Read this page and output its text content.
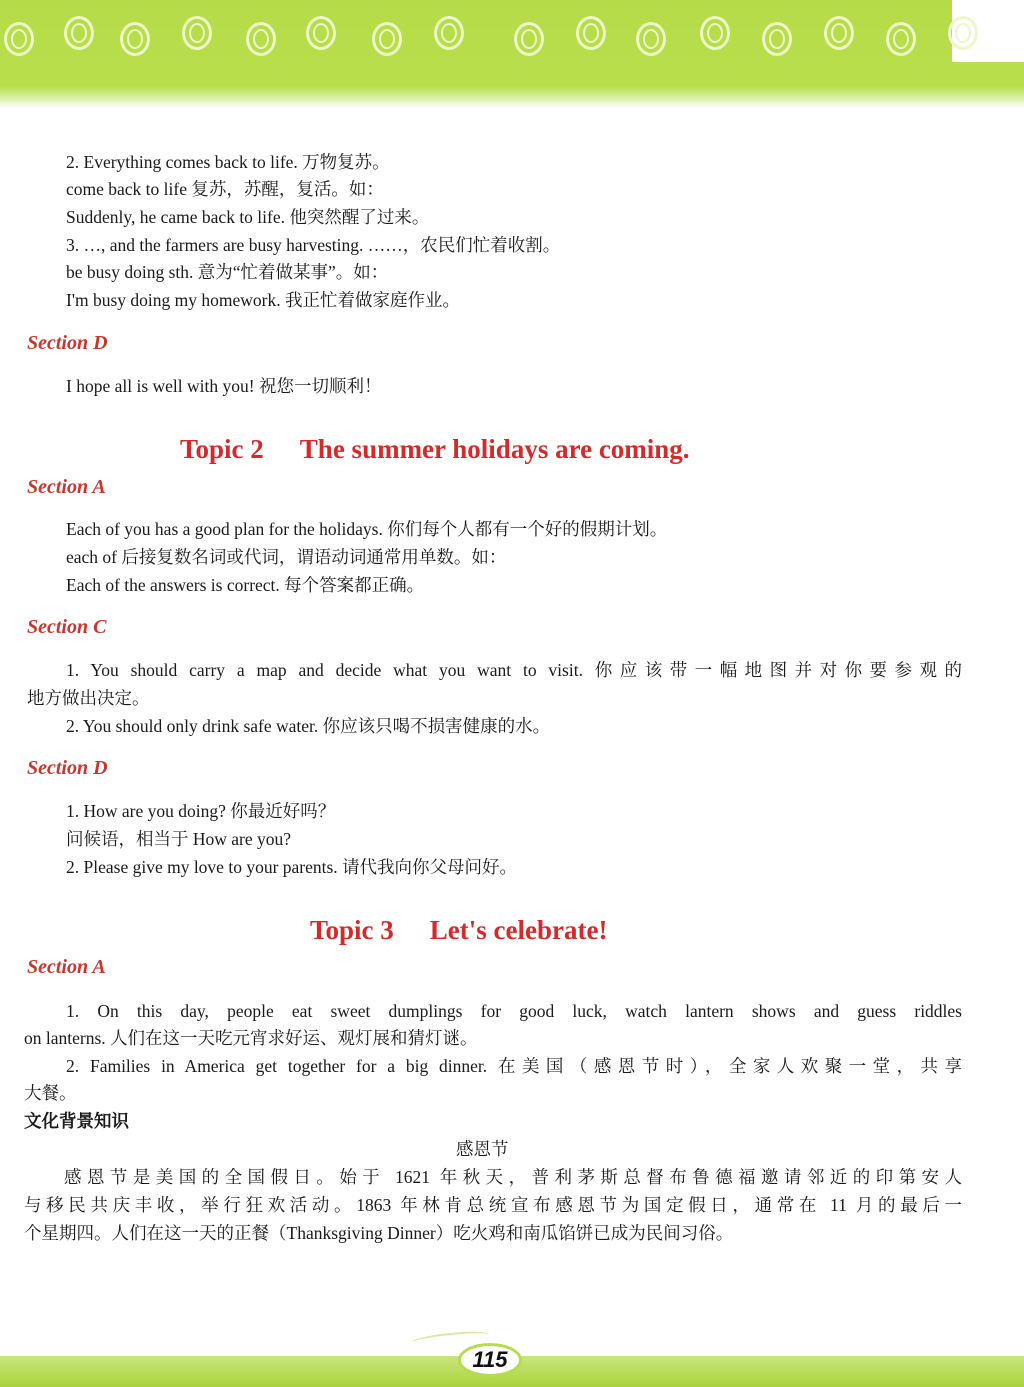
2. Everything comes back to life. 万物复苏。
come back to life 复苏，苏醒，复活。如：
Suddenly, he came back to life. 他突然醒了过来。
3. …, and the farmers are busy harvesting. ……，农民们忙着收割。
be busy doing sth. 意为“忙着做某事”。如：
I'm busy doing my homework. 我正忙着做家庭作业。
Section D
I hope all is well with you! 祝您一切顺利！
Topic 2 The summer holidays are coming.
Section A
Each of you has a good plan for the holidays. 你们每个人都有一个好的假期计划。
each of 后接复数名词或代词，谓语动词通常用单数。如：
Each of the answers is correct. 每个答案都正确。
Section C
1. You should carry a map and decide what you want to visit. 你应该带一幅地图并对你要参观的
地方做出决定。
2. You should only drink safe water. 你应该只喝不损害健康的水。
Section D
1. How are you doing? 你最近好吗？
问候语，相当于 How are you?
2. Please give my love to your parents. 请代我向你父母问好。
Topic 3 Let's celebrate!
Section A
1. On this day, people eat sweet dumplings for good luck, watch lantern shows and guess riddles
on lanterns. 人们在这一天吃元宵求好运、观灯展和猜灯谜。
2. Families in America get together for a big dinner. 在美国（感恩节时），全家人欢聚一堂，共享
大餐。
文化背景知识
感恩节
感恩节是美国的全国假日。始于 1621 年秋天，普利茅斯总督布鲁德福邀请邻近的印第安人
与移民共庆丰收，举行狂欢活动。1863 年林肯总统宣布感恩节为国定假日，通常在 11 月的最后一
个星期四。人们在这一天的正餐（Thanksgiving Dinner）吃火鸡和南瓜馅饼已成为民间习俗。
115
